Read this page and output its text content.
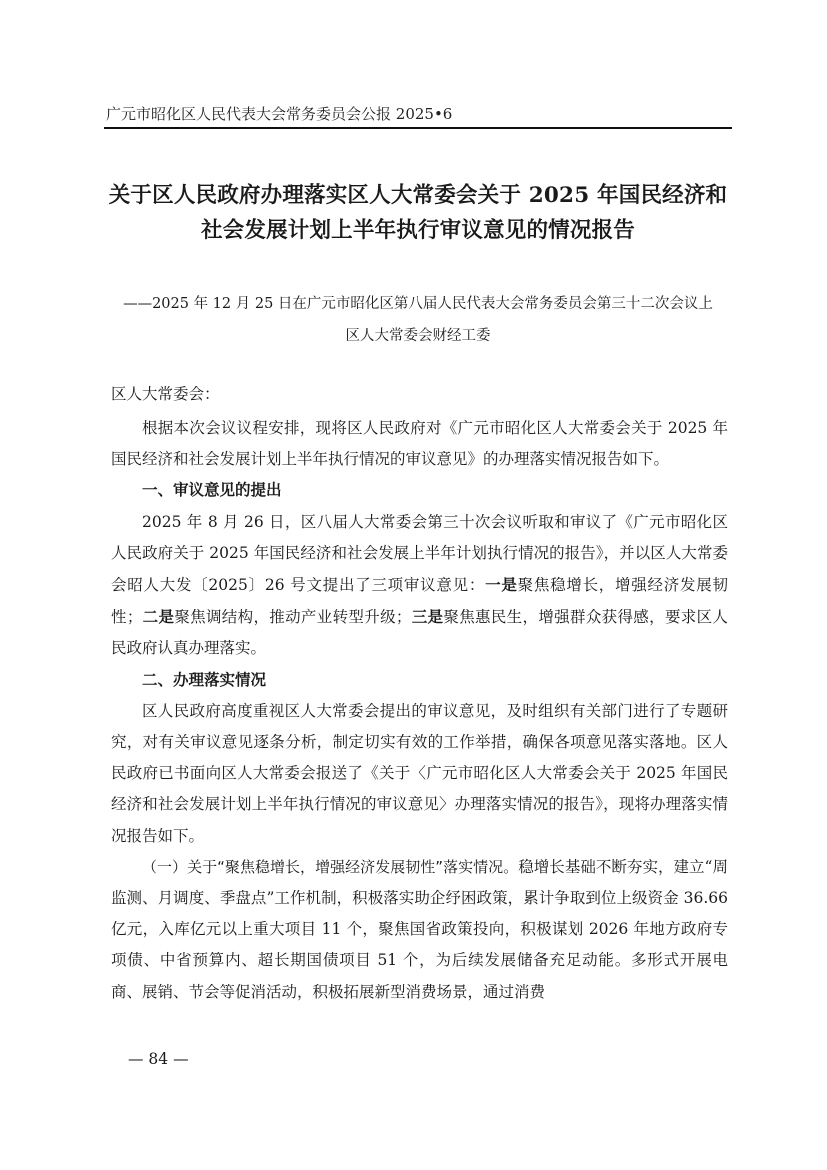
广元市昭化区人民代表大会常务委员会公报 2025•6
关于区人民政府办理落实区人大常委会关于 2025 年国民经济和
社会发展计划上半年执行审议意见的情况报告
——2025 年 12 月 25 日在广元市昭化区第八届人民代表大会常务委员会第三十二次会议上
区人大常委会财经工委
区人大常委会：

根据本次会议议程安排，现将区人民政府对《广元市昭化区人大常委会关于 2025 年国民经济和社会发展计划上半年执行情况的审议意见》的办理落实情况报告如下。

一、审议意见的提出

2025 年 8 月 26 日，区八届人大常委会第三十次会议听取和审议了《广元市昭化区人民政府关于 2025 年国民经济和社会发展上半年计划执行情况的报告》，并以区人大常委会昭人大发〔2025〕26 号文提出了三项审议意见：一是聚焦稳增长，增强经济发展韧性；二是聚焦调结构，推动产业转型升级；三是聚焦惠民生，增强群众获得感，要求区人民政府认真办理落实。

二、办理落实情况

区人民政府高度重视区人大常委会提出的审议意见，及时组织有关部门进行了专题研究，对有关审议意见逐条分析，制定切实有效的工作举措，确保各项意见落实落地。区人民政府已书面向区人大常委会报送了《关于〈广元市昭化区人大常委会关于 2025 年国民经济和社会发展计划上半年执行情况的审议意见〉办理落实情况的报告》，现将办理落实情况报告如下。

（一）关于“聚焦稳增长，增强经济发展韧性”落实情况。稳增长基础不断夯实，建立“周监测、月调度、季盘点”工作机制，积极落实助企纾困政策，累计争取到位上级资金 36.66 亿元，入库亿元以上重大项目 11 个，聚焦国省政策投向，积极谋划 2026 年地方政府专项债、中省预算内、超长期国债项目 51 个，为后续发展储备充足动能。多形式开展电商、展销、节会等促消活动，积极拓展新型消费场景，通过消费

— 84 —
